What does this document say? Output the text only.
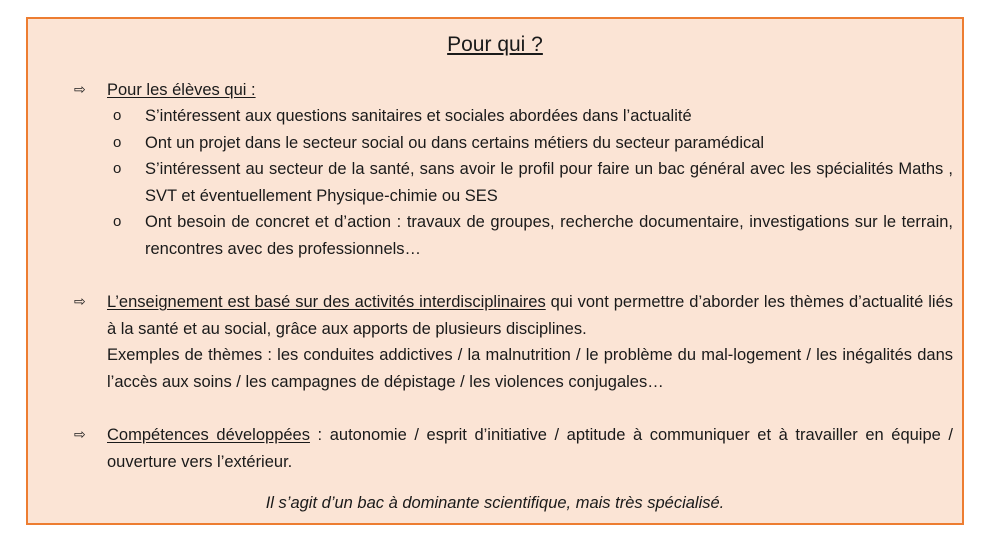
Pour qui ?
⇨	Pour les élèves qui :

o	S’intéressent aux questions sanitaires et sociales abordées dans l’actualité

o	Ont un projet dans le secteur social ou dans certains métiers du secteur paramédical

o	S’intéressent au secteur de la santé, sans avoir le profil pour faire un bac général avec les spécialités Maths , SVT et éventuellement Physique-chimie ou SES

o	Ont besoin de concret et d’action : travaux de groupes, recherche documentaire, investigations sur le terrain, rencontres avec des professionnels…

⇨	L’enseignement est basé sur des activités interdisciplinaires qui vont permettre d’aborder les thèmes d’actualité liés à la santé et au social, grâce aux apports de plusieurs disciplines.

Exemples de thèmes : les conduites addictives / la malnutrition / le problème du mal-logement / les inégalités dans l’accès aux soins / les campagnes de dépistage / les violences conjugales…

⇨	Compétences développées : autonomie / esprit d’initiative / aptitude à communiquer et à travailler en équipe / ouverture vers l’extérieur.

Il s’agit d’un bac à dominante scientifique, mais très spécialisé.
